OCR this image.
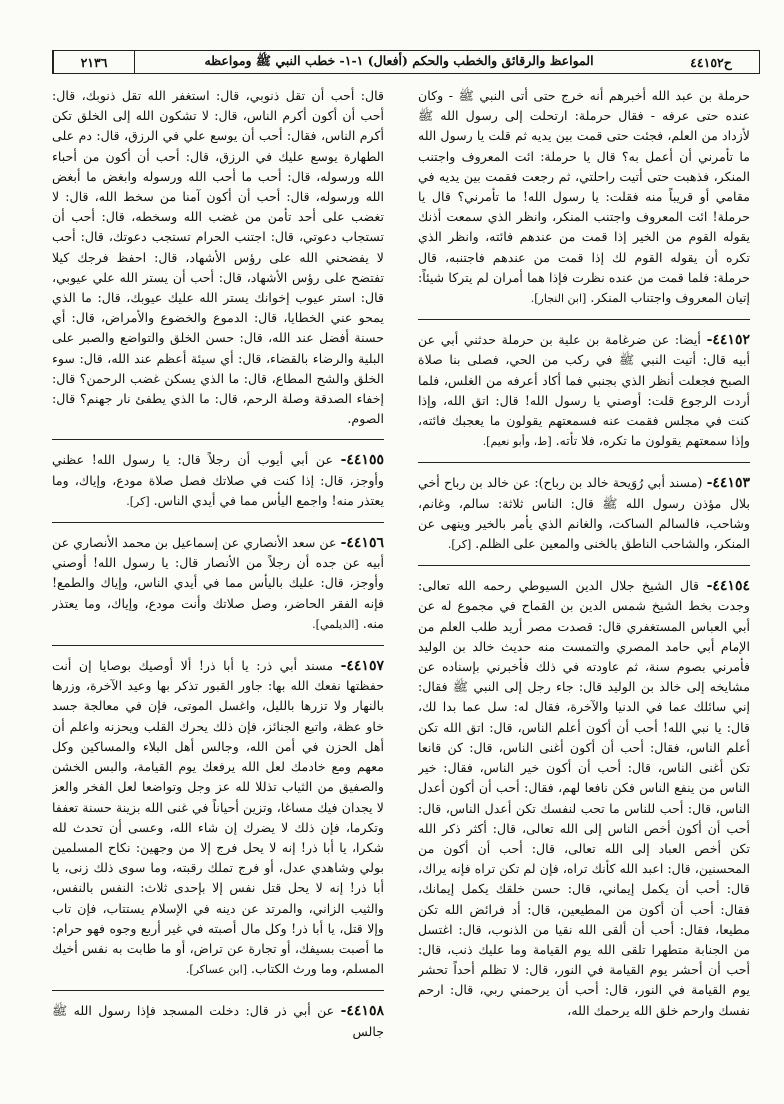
ح٤٤١٥٢
المواعظ والرقائق والخطب والحكم (أفعال) ١-١- خطب النبي ﷺ ومواعظه
٢١٣٦
حرملة بن عبد الله أخبرهم أنه خرج حتى أتى النبي ﷺ - وكان عنده حتى عرفه - فقال حرملة: ارتحلت إلى رسول الله ﷺ لأزداد من العلم، فجئت حتى قمت بين يديه ثم قلت يا رسول الله ما تأمرني أن أعمل به؟ قال يا حرملة: ائت المعروف واجتنب المنكر، فذهبت حتى أتيت راحلتي، ثم رجعت فقمت بين يديه في مقامي أو قريباً منه فقلت: يا رسول الله! ما تأمرني؟ قال يا حرملة! ائت المعروف واجتنب المنكر، وانظر الذي سمعت أذنك يقوله القوم من الخير إذا قمت من عندهم فائته، وانظر الذي تكره أن يقوله القوم لك إذا قمت من عندهم فاجتنبه، قال حرملة: فلما قمت من عنده نظرت فإذا هما أمران لم يتركا شيئاً: إتيان المعروف واجتناب المنكر. [ابن النجار].
٤٤١٥٢- أيضا: عن ضرغامة بن علية بن حرملة حدثني أبي عن أبيه قال: أتيت النبي ﷺ في ركب من الحي، فصلى بنا صلاة الصبح فجعلت أنظر الذي بجنبي فما أكاد أعرفه من الغلس، فلما أردت الرجوع قلت: أوصني يا رسول الله! قال: اتق الله، وإذا كنت في مجلس فقمت عنه فسمعتهم يقولون ما يعجبك فائته، وإذا سمعتهم يقولون ما تكره، فلا تأته. [ط، وأبو نعيم].
٤٤١٥٣- (مسند أبي رُوَيحة خالد بن رباح): عن خالد بن رباح أخي بلال مؤذن رسول الله ﷺ قال: الناس ثلاثة: سالم، وغانم، وشاحب، فالسالم الساكت، والغانم الذي يأمر بالخير وينهى عن المنكر، والشاحب الناطق بالخنى والمعين على الظلم. [كر].
٤٤١٥٤- قال الشيخ جلال الدين السيوطي رحمه الله تعالى: وجدت بخط الشيخ شمس الدين بن القماح في مجموع له عن أبي العباس المستغفري قال: قصدت مصر أريد طلب العلم من الإمام أبي حامد المصري والتمست منه حديث خالد بن الوليد فأمرني بصوم سنة، ثم عاودته في ذلك فأخبرني بإسناده عن مشايخه إلى خالد بن الوليد قال: جاء رجل إلى النبي ﷺ فقال: إني سائلك عما في الدنيا والآخرة، فقال له: سل عما بدا لك، قال: يا نبي الله! أحب أن أكون أعلم الناس، قال: اتق الله تكن أعلم الناس، فقال: أحب أن أكون أغنى الناس، قال: كن قانعا تكن أغنى الناس، قال: أحب أن أكون خير الناس، فقال: خير الناس من ينفع الناس فكن نافعا لهم، فقال: أحب أن أكون أعدل الناس، قال: أحب للناس ما تحب لنفسك تكن أعدل الناس، قال: أحب أن أكون أخص الناس إلى الله تعالى، قال: أكثر ذكر الله تكن أخص العباد إلى الله تعالى، قال: أحب أن أكون من المحسنين، قال: اعبد الله كأنك تراه، فإن لم تكن تراه فإنه يراك، قال: أحب أن يكمل إيماني، قال: حسن خلقك يكمل إيمانك، فقال: أحب أن أكون من المطيعين، قال: أد فرائض الله تكن مطيعا، فقال: أحب أن ألقى الله نقيا من الذنوب، قال: اغتسل من الجنابة متطهرا تلقى الله يوم القيامة وما عليك ذنب، قال: أحب أن أحشر يوم القيامة في النور، قال: لا تظلم أحداً تحشر يوم القيامة في النور، قال: أحب أن يرحمني ربي، قال: ارحم نفسك وارحم خلق الله يرحمك الله،
قال: أحب أن تقل ذنوبي، قال: استغفر الله تقل ذنوبك، قال: أحب أن أكون أكرم الناس، قال: لا تشكون الله إلى الخلق تكن أكرم الناس، فقال: أحب أن يوسع علي في الرزق، قال: دم على الطهارة يوسع عليك في الرزق، قال: أحب أن أكون من أحباء الله ورسوله، قال: أحب ما أحب الله ورسوله وابغض ما أبغض الله ورسوله، قال: أحب أن أكون آمنا من سخط الله، قال: لا تغضب على أحد تأمن من غضب الله وسخطه، قال: أحب أن تستجاب دعوتي، قال: اجتنب الحرام تستجب دعوتك، قال: أحب لا يفضحني الله على رؤس الأشهاد، قال: احفظ فرجك كيلا تفتضح على رؤس الأشهاد، قال: أحب أن يستر الله علي عيوبي، قال: استر عيوب إخوانك يستر الله عليك عيوبك، قال: ما الذي يمحو عني الخطايا، قال: الدموع والخضوع والأمراض، قال: أي حسنة أفضل عند الله، قال: حسن الخلق والتواضع والصبر على البلية والرضاء بالقضاء، قال: أي سيئة أعظم عند الله، قال: سوء الخلق والشح المطاع، قال: ما الذي يسكن غضب الرحمن؟ قال: إخفاء الصدقة وصلة الرحم، قال: ما الذي يطفئ نار جهنم؟ قال: الصوم.
٤٤١٥٥- عن أبي أيوب أن رجلاً قال: يا رسول الله! عظني وأوجز، قال: إذا كنت في صلاتك فصل صلاة مودع، وإياك، وما يعتذر منه! واجمع اليأس مما في أيدي الناس. [كر].
٤٤١٥٦- عن سعد الأنصاري عن إسماعيل بن محمد الأنصاري عن أبيه عن جده أن رجلاً من الأنصار قال: يا رسول الله! أوصني وأوجز، قال: عليك باليأس مما في أيدي الناس، وإياك والطمع! فإنه الفقر الحاضر، وصل صلاتك وأنت مودع، وإياك، وما يعتذر منه. [الديلمي].
٤٤١٥٧- مسند أبي ذر: يا أبا ذر! ألا أوصيك بوصايا إن أنت حفظتها نفعك الله بها: جاور القبور تذكر بها وعيد الآخرة، وزرها بالنهار ولا تزرها بالليل، واغسل الموتى، فإن في معالجة جسد خاو عظة، واتبع الجنائز، فإن ذلك يحرك القلب ويحزنه واعلم أن أهل الحزن في أمن الله، وجالس أهل البلاء والمساكين وكل معهم ومع خادمك لعل الله يرفعك يوم القيامة، والبس الخشن والصفيق من الثياب تذللا لله عز وجل وتواضعا لعل الفخر والعز لا يجدان فيك مساغا، وتزين أحياناً في غنى الله بزينة حسنة تعففا وتكرما، فإن ذلك لا يضرك إن شاء الله، وعسى أن تحدث لله شكرا، يا أبا ذر! إنه لا يحل فرج إلا من وجهين: نكاح المسلمين بولي وشاهدي عدل، أو فرج تملك رقبته، وما سوى ذلك زنى، يا أبا ذر! إنه لا يحل قتل نفس إلا بإحدى ثلاث: النفس بالنفس، والثيب الزاني، والمرتد عن دينه في الإسلام يستتاب، فإن تاب وإلا قتل، يا أبا ذر! وكل مال أصبته في غير أربع وجوه فهو حرام: ما أصبت بسيفك، أو تجارة عن تراض، أو ما طابت به نفس أخيك المسلم، وما ورث الكتاب. [ابن عساكر].
٤٤١٥٨- عن أبي ذر قال: دخلت المسجد فإذا رسول الله ﷺ جالس
